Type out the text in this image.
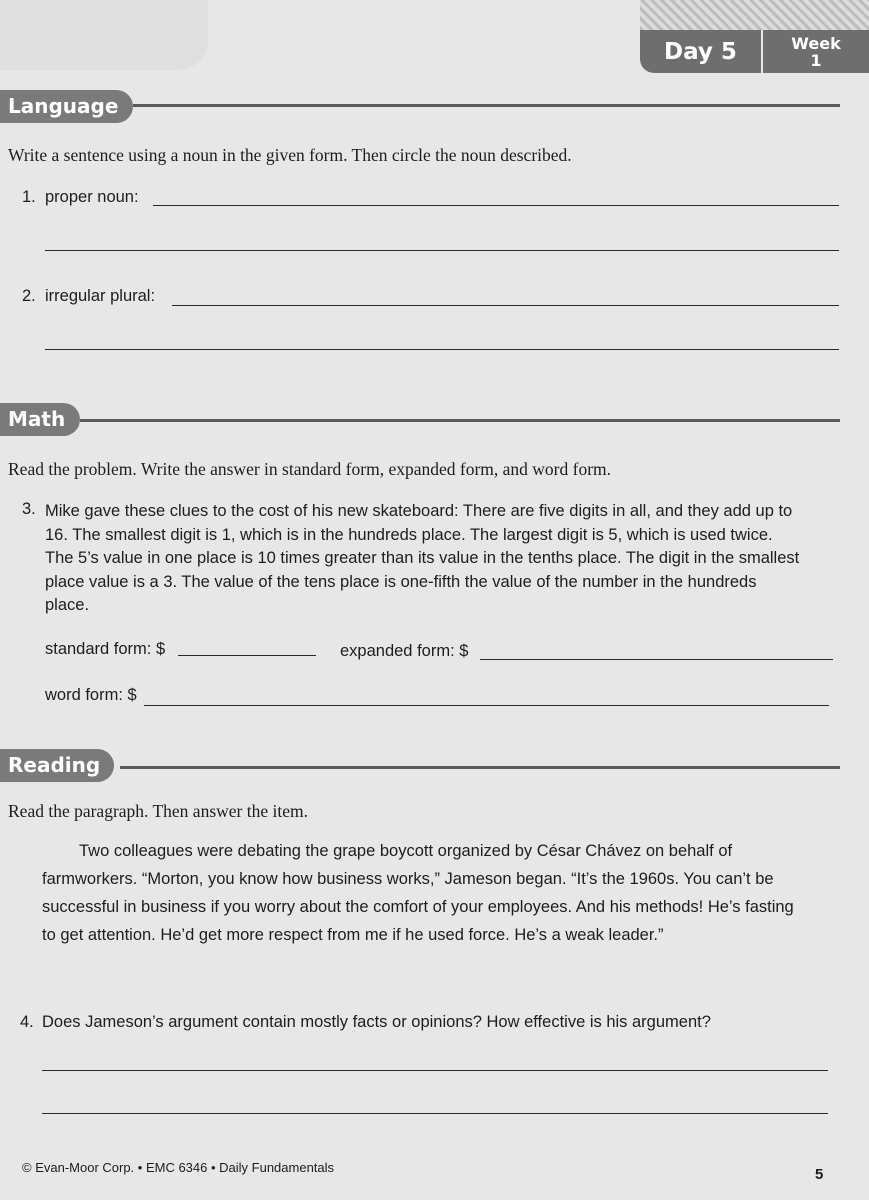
Day 5	Week
1
Language
Write a sentence using a noun in the given form. Then circle the noun described.
1. proper noun:
2. irregular plural:
Math
Read the problem. Write the answer in standard form, expanded form, and word form.
3. Mike gave these clues to the cost of his new skateboard: There are five digits in all, and they add up to 16. The smallest digit is 1, which is in the hundreds place. The largest digit is 5, which is used twice. The 5’s value in one place is 10 times greater than its value in the tenths place. The digit in the smallest place value is a 3. The value of the tens place is one-fifth the value of the number in the hundreds place.
standard form: $	expanded form: $
word form: $
Reading
Read the paragraph. Then answer the item.
Two colleagues were debating the grape boycott organized by César Chávez on behalf of farmworkers. “Morton, you know how business works,” Jameson began. “It’s the 1960s. You can’t be successful in business if you worry about the comfort of your employees. And his methods! He’s fasting to get attention. He’d get more respect from me if he used force. He’s a weak leader.”
4. Does Jameson’s argument contain mostly facts or opinions? How effective is his argument?
© Evan-Moor Corp. • EMC 6346 • Daily Fundamentals	5
